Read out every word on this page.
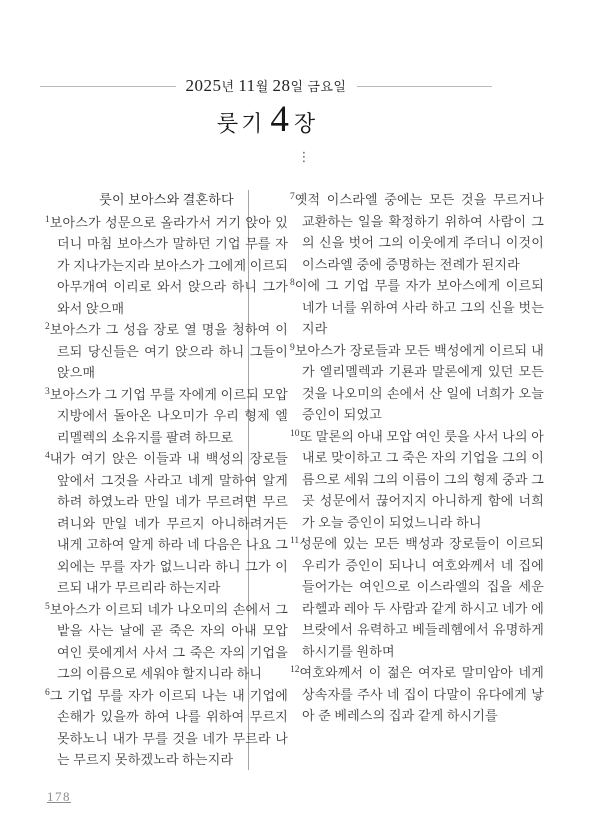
2025년 11월 28일 금요일
룻기 4 장
⋮

룻이 보아스와 결혼하다

$^1$보아스가 성문으로 올라가서 거기 앉아 있더니 마침 보아스가 말하던 기업 무를 자가 지나가는지라 보아스가 그에게 이르되 아무개여 이리로 와서 앉으라 하니 그가 와서 앉으매

$^2$보아스가 그 성읍 장로 열 명을 청하여 이르되 당신들은 여기 앉으라 하니 그들이 앉으매

$^3$보아스가 그 기업 무를 자에게 이르되 모압 지방에서 돌아온 나오미가 우리 형제 엘리멜렉의 소유지를 팔려 하므로

$^4$내가 여기 앉은 이들과 내 백성의 장로들 앞에서 그것을 사라고 네게 말하여 알게 하려 하였노라 만일 네가 무르려면 무르려니와 만일 네가 무르지 아니하려거든 내게 고하여 알게 하라 네 다음은 나요 그 외에는 무를 자가 없느니라 하니 그가 이르되 내가 무르리라 하는지라

$^5$보아스가 이르되 네가 나오미의 손에서 그 밭을 사는 날에 곧 죽은 자의 아내 모압 여인 룻에게서 사서 그 죽은 자의 기업을 그의 이름으로 세워야 할지니라 하니

$^6$그 기업 무를 자가 이르되 나는 내 기업에 손해가 있을까 하여 나를 위하여 무르지 못하노니 내가 무를 것을 네가 무르라 나는 무르지 못하겠노라 하는지라

$^7$옛적 이스라엘 중에는 모든 것을 무르거나 교환하는 일을 확정하기 위하여 사람이 그의 신을 벗어 그의 이웃에게 주더니 이것이 이스라엘 중에 증명하는 전례가 된지라

$^8$이에 그 기업 무를 자가 보아스에게 이르되 네가 너를 위하여 사라 하고 그의 신을 벗는지라

$^9$보아스가 장로들과 모든 백성에게 이르되 내가 엘리멜렉과 기룐과 말론에게 있던 모든 것을 나오미의 손에서 산 일에 너희가 오늘 증인이 되었고

$^{10}$또 말론의 아내 모압 여인 룻을 사서 나의 아내로 맞이하고 그 죽은 자의 기업을 그의 이름으로 세워 그의 이름이 그의 형제 중과 그 곳 성문에서 끊어지지 아니하게 함에 너희가 오늘 증인이 되었느니라 하니

$^{11}$성문에 있는 모든 백성과 장로들이 이르되 우리가 증인이 되나니 여호와께서 네 집에 들어가는 여인으로 이스라엘의 집을 세운 라헬과 레아 두 사람과 같게 하시고 네가 에브랏에서 유력하고 베들레헴에서 유명하게 하시기를 원하며

$^{12}$여호와께서 이 젊은 여자로 말미암아 네게 상속자를 주사 네 집이 다말이 유다에게 낳아 준 베레스의 집과 같게 하시기를

178
